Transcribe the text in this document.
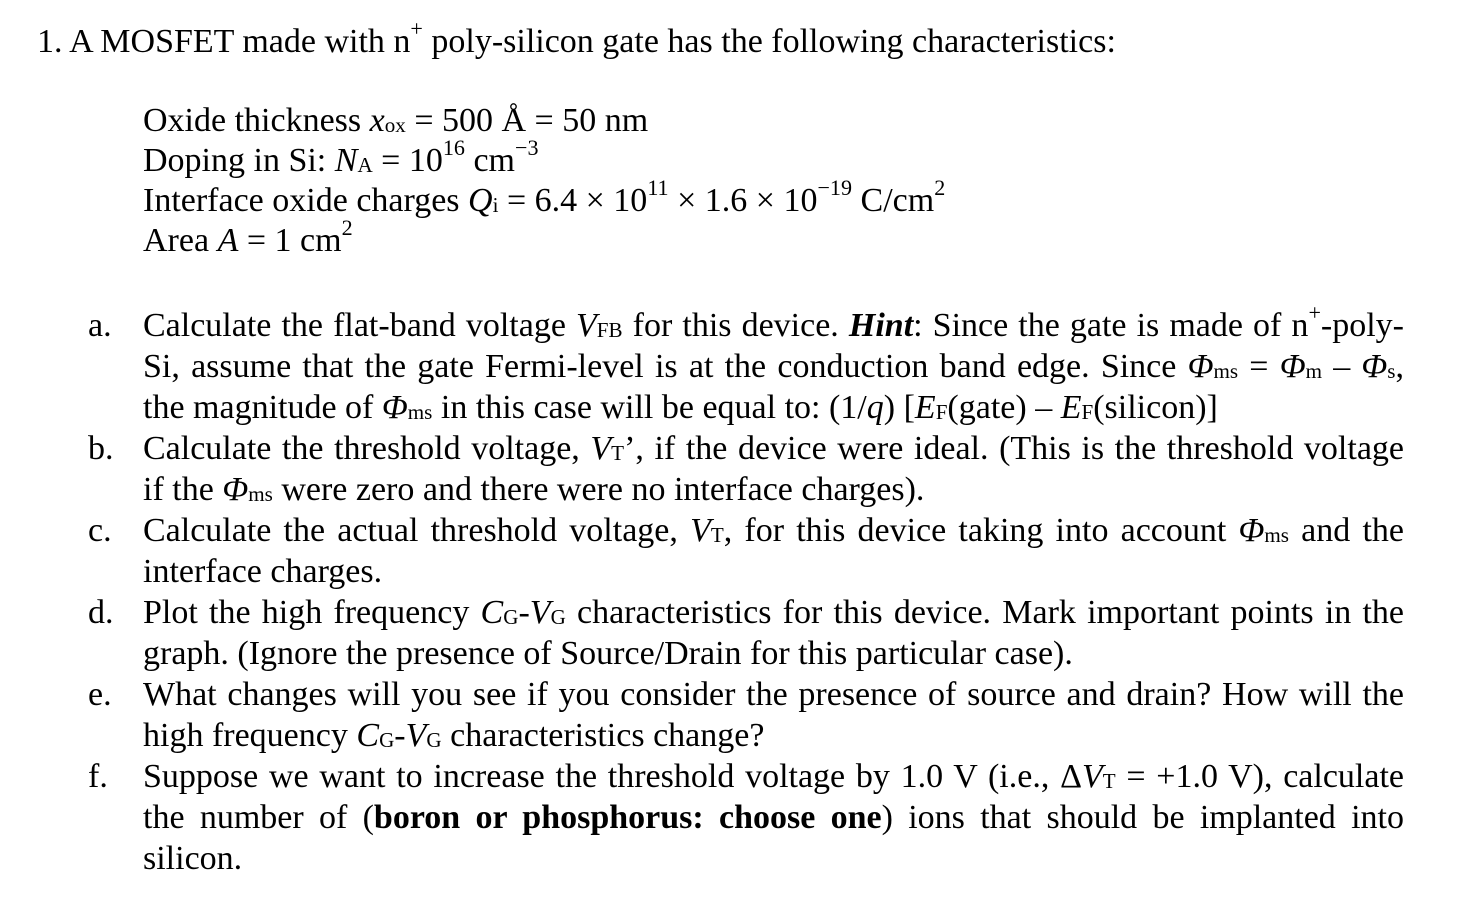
1. A MOSFET made with n+ poly-silicon gate has the following characteristics:
Oxide thickness $x_{ox} = 500$ Å = 50 nm
Doping in Si: $N_A = 10^{16}$ $cm^{-3}$
Interface oxide charges $Q_i = 6.4 \times 10^{11} \times 1.6 \times 10^{-19}$ $C/cm^2$
Area A = 1 $cm^2$
a. Calculate the flat-band voltage $V_{FB}$ for this device. Hint: Since the gate is made of n+-poly-Si, assume that the gate Fermi-level is at the conduction band edge. Since $\Phi_{ms} = \Phi_m - \Phi_s$, the magnitude of $\Phi_{ms}$ in this case will be equal to: (1/q) [$E_F(gate)$ – $E_F(silicon)$]
b. Calculate the threshold voltage, $V_T$’, if the device were ideal. (This is the threshold voltage if the $\Phi_{ms}$ were zero and there were no interface charges).
c. Calculate the actual threshold voltage, $V_T$, for this device taking into account $\Phi_{ms}$ and the interface charges.
d. Plot the high frequency $C_G-V_G$ characteristics for this device. Mark important points in the graph. (Ignore the presence of Source/Drain for this particular case).
e. What changes will you see if you consider the presence of source and drain? How will the high frequency $C_G-V_G$ characteristics change?
f. Suppose we want to increase the threshold voltage by 1.0 V (i.e., $\Delta V_T = +1.0$ V), calculate the number of (boron or phosphorus: choose one) ions that should be implanted into silicon.
